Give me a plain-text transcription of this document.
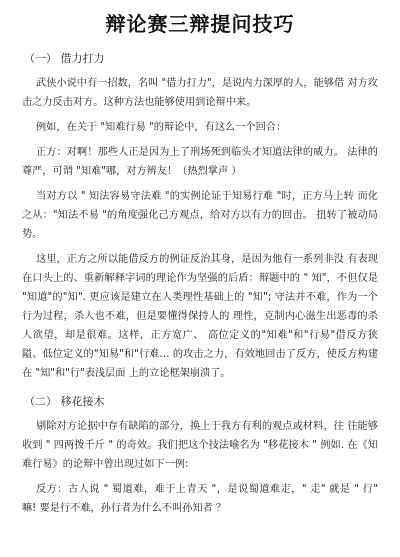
辩论赛三辩提问技巧
（一） 借力打力

武侠小说中有一招数，名叫 "借力打力"，是说内力深厚的人，能够借 对方攻击之力反击对方。这种方法也能够使用到论辩中来。

例如，在关于 "知难行易 "的辩论中，有这么一个回合：

正方：对啊！那些人正是因为上了刑场死到临头才知道法律的威力。 法律的尊严，可谓 "知难"哪，对方辨友！（热烈掌声 ）

当对方以 " 知法容易守法难 "的实例论证于知易行难 "时，正方马上转 而化之从："知法不易 "的角度强化己方观点，给对方以有力的回击。 扭转了被动局势。

这里，正方之所以能借反方的例证反治其身，是因为他有一系列非没 有表现在口头上的、重新解释字词的理论作为坚强的后盾：辩题中的 " 知"，不但仅是 "知道"的"知". 更应该是建立在人类理性基础上的 "知"; 守法并不难，作为一个行为过程，杀人也不难，但是要懂得保持人的 理性，克制内心滋生出恶毒的杀人欲望，却是很难。这样，正方宽广、 高位定义的"知难"和"行易"借反方狭隘、低位定义的"知易"和"行难… 的攻击之力，有效地回击了反方，使反方构建在 "知"和"行"表浅层面 上的立论框架崩溃了。

（二） 移花接木

剔除对方论据中存有缺陷的部分，换上于我方有利的观点或材料，往 往能够收到 " 四两拨千斤 " 的奇效。我们把这个技法喻名为 "移花接木 " 例如. 在《知难行易》的论辩中曾出现过如下一例:

反方：古人说 " 蜀道难，难于上青天 "，是说蜀道难走，" 走" 就是 " 行" 嘛! 要是行不难，孙行者为什么不叫孙知者 ？
